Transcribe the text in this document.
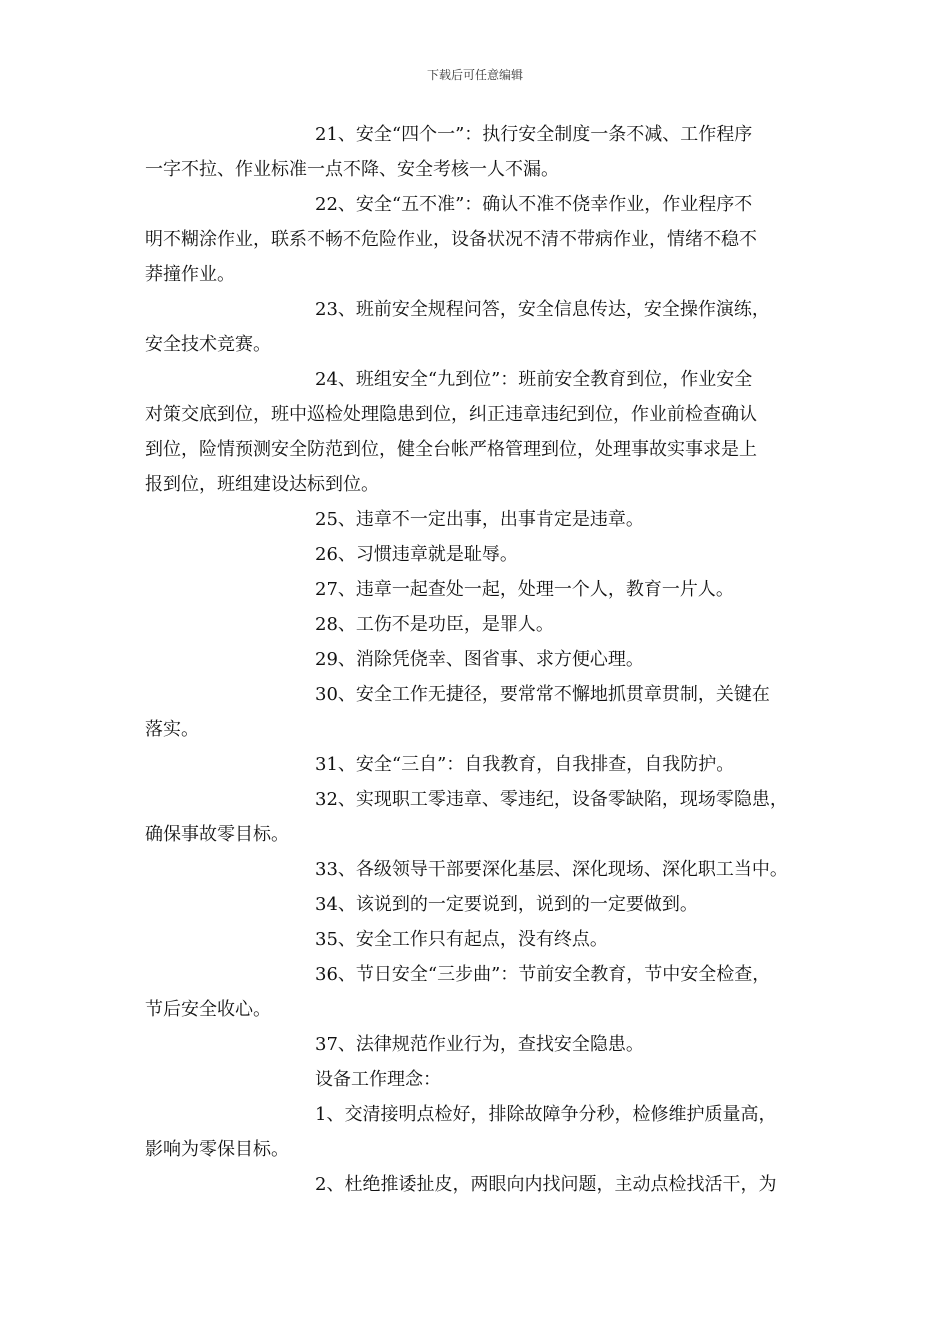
下载后可任意编辑

21、安全“四个一”：执行安全制度一条不减、工作程序
一字不拉、作业标准一点不降、安全考核一人不漏。

22、安全“五不准”：确认不准不侥幸作业，作业程序不
明不糊涂作业，联系不畅不危险作业，设备状况不清不带病作业，情绪不稳不
莽撞作业。

23、班前安全规程问答，安全信息传达，安全操作演练，
安全技术竞赛。

24、班组安全“九到位”：班前安全教育到位，作业安全
对策交底到位，班中巡检处理隐患到位，纠正违章违纪到位，作业前检查确认
到位，险情预测安全防范到位，健全台帐严格管理到位，处理事故实事求是上
报到位，班组建设达标到位。

25、违章不一定出事，出事肯定是违章。

26、习惯违章就是耻辱。

27、违章一起查处一起，处理一个人，教育一片人。

28、工伤不是功臣，是罪人。

29、消除凭侥幸、图省事、求方便心理。

30、安全工作无捷径，要常常不懈地抓贯章贯制，关键在
落实。

31、安全“三自”：自我教育，自我排查，自我防护。

32、实现职工零违章、零违纪，设备零缺陷，现场零隐患，
确保事故零目标。

33、各级领导干部要深化基层、深化现场、深化职工当中。

34、该说到的一定要说到，说到的一定要做到。

35、安全工作只有起点，没有终点。

36、节日安全“三步曲”：节前安全教育，节中安全检查，
节后安全收心。

37、法律规范作业行为，查找安全隐患。

设备工作理念：

1、交清接明点检好，排除故障争分秒，检修维护质量高，
影响为零保目标。

2、杜绝推诿扯皮，两眼向内找问题，主动点检找活干，为
